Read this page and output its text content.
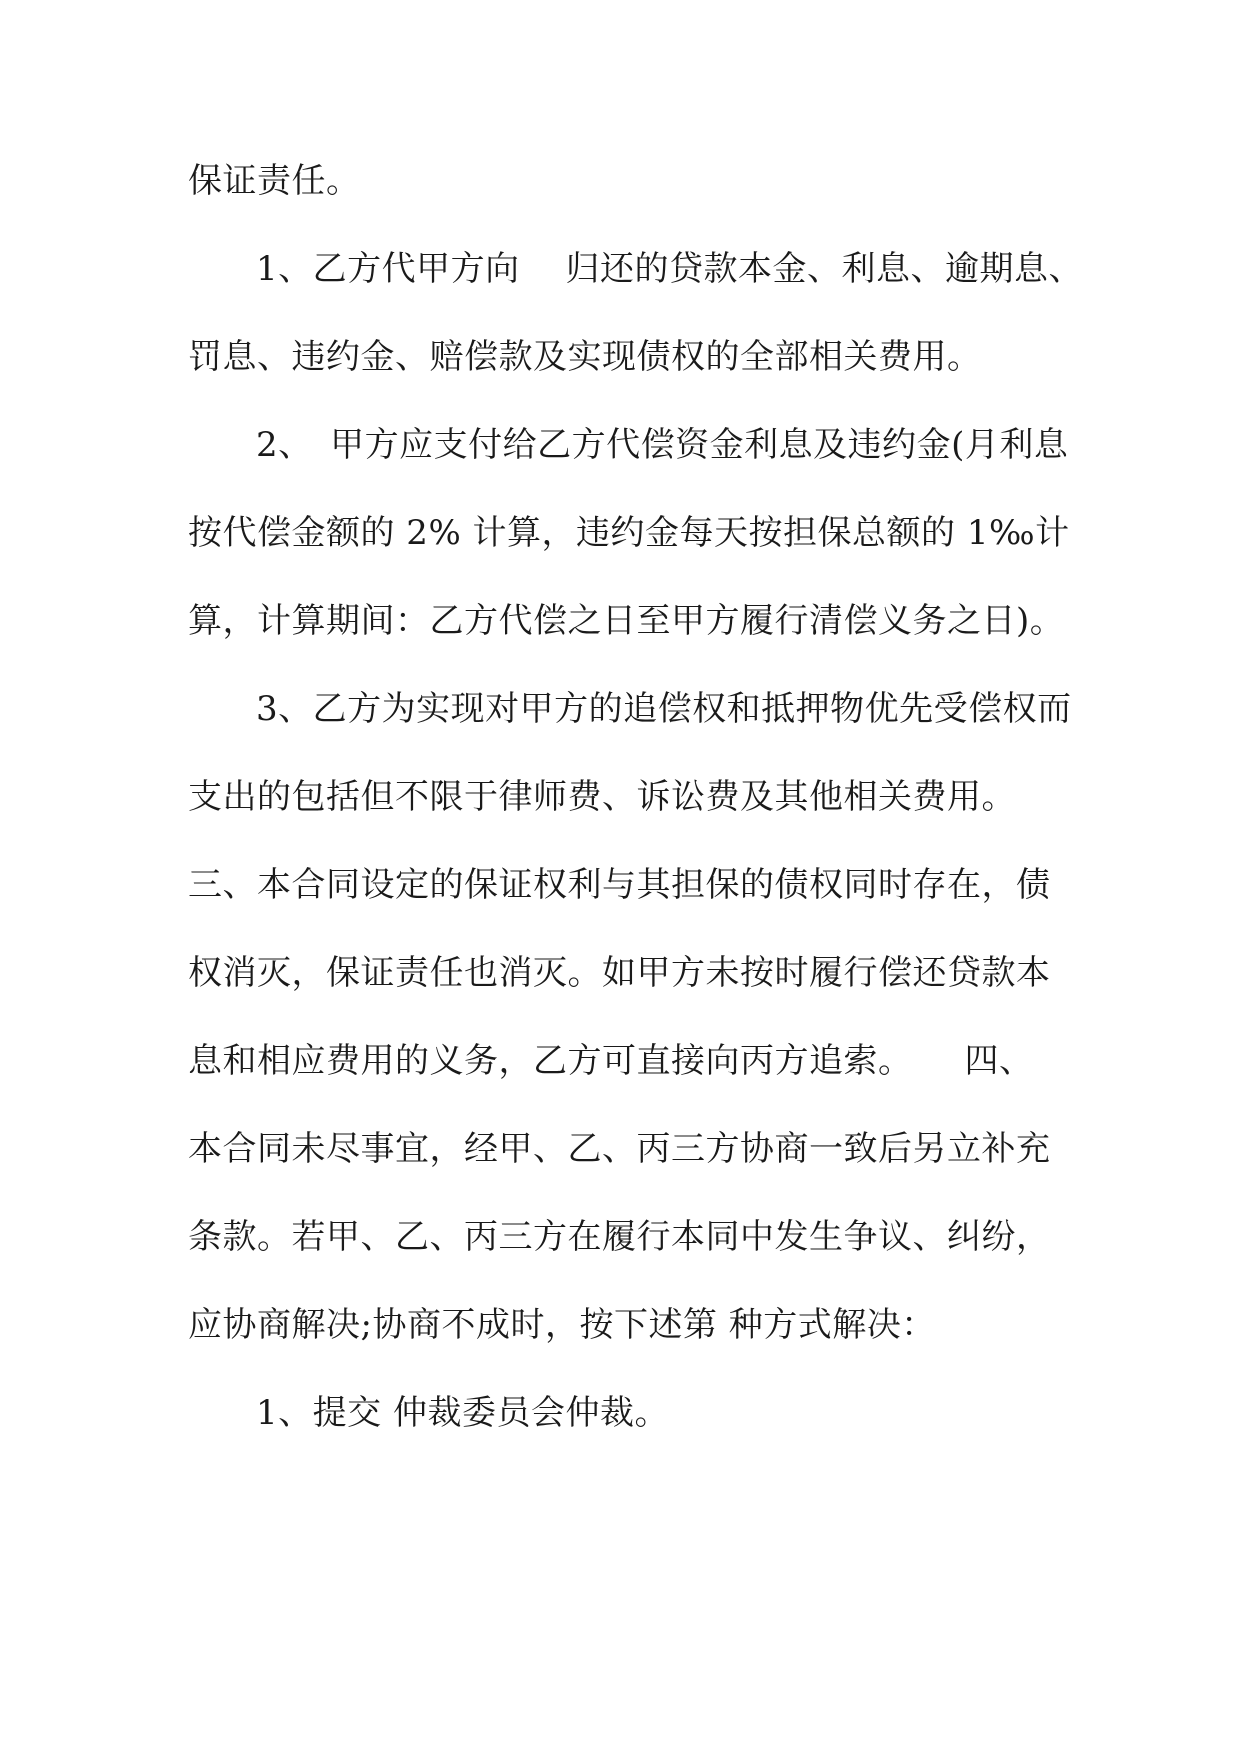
保证责任。
1、乙方代甲方向　 归还的贷款本金、利息、逾期息、
罚息、违约金、赔偿款及实现债权的全部相关费用。
2、　甲方应支付给乙方代偿资金利息及违约金(月利息
按代偿金额的 2% 计算，违约金每天按担保总额的 1‰计
算，计算期间：乙方代偿之日至甲方履行清偿义务之日)。
3、乙方为实现对甲方的追偿权和抵押物优先受偿权而
支出的包括但不限于律师费、诉讼费及其他相关费用。
三、本合同设定的保证权利与其担保的债权同时存在，债
权消灭，保证责任也消灭。如甲方未按时履行偿还贷款本
息和相应费用的义务，乙方可直接向丙方追索。　　四、
本合同未尽事宜，经甲、乙、丙三方协商一致后另立补充
条款。若甲、乙、丙三方在履行本同中发生争议、纠纷，
应协商解决;协商不成时，按下述第 种方式解决：
1、提交 仲裁委员会仲裁。
